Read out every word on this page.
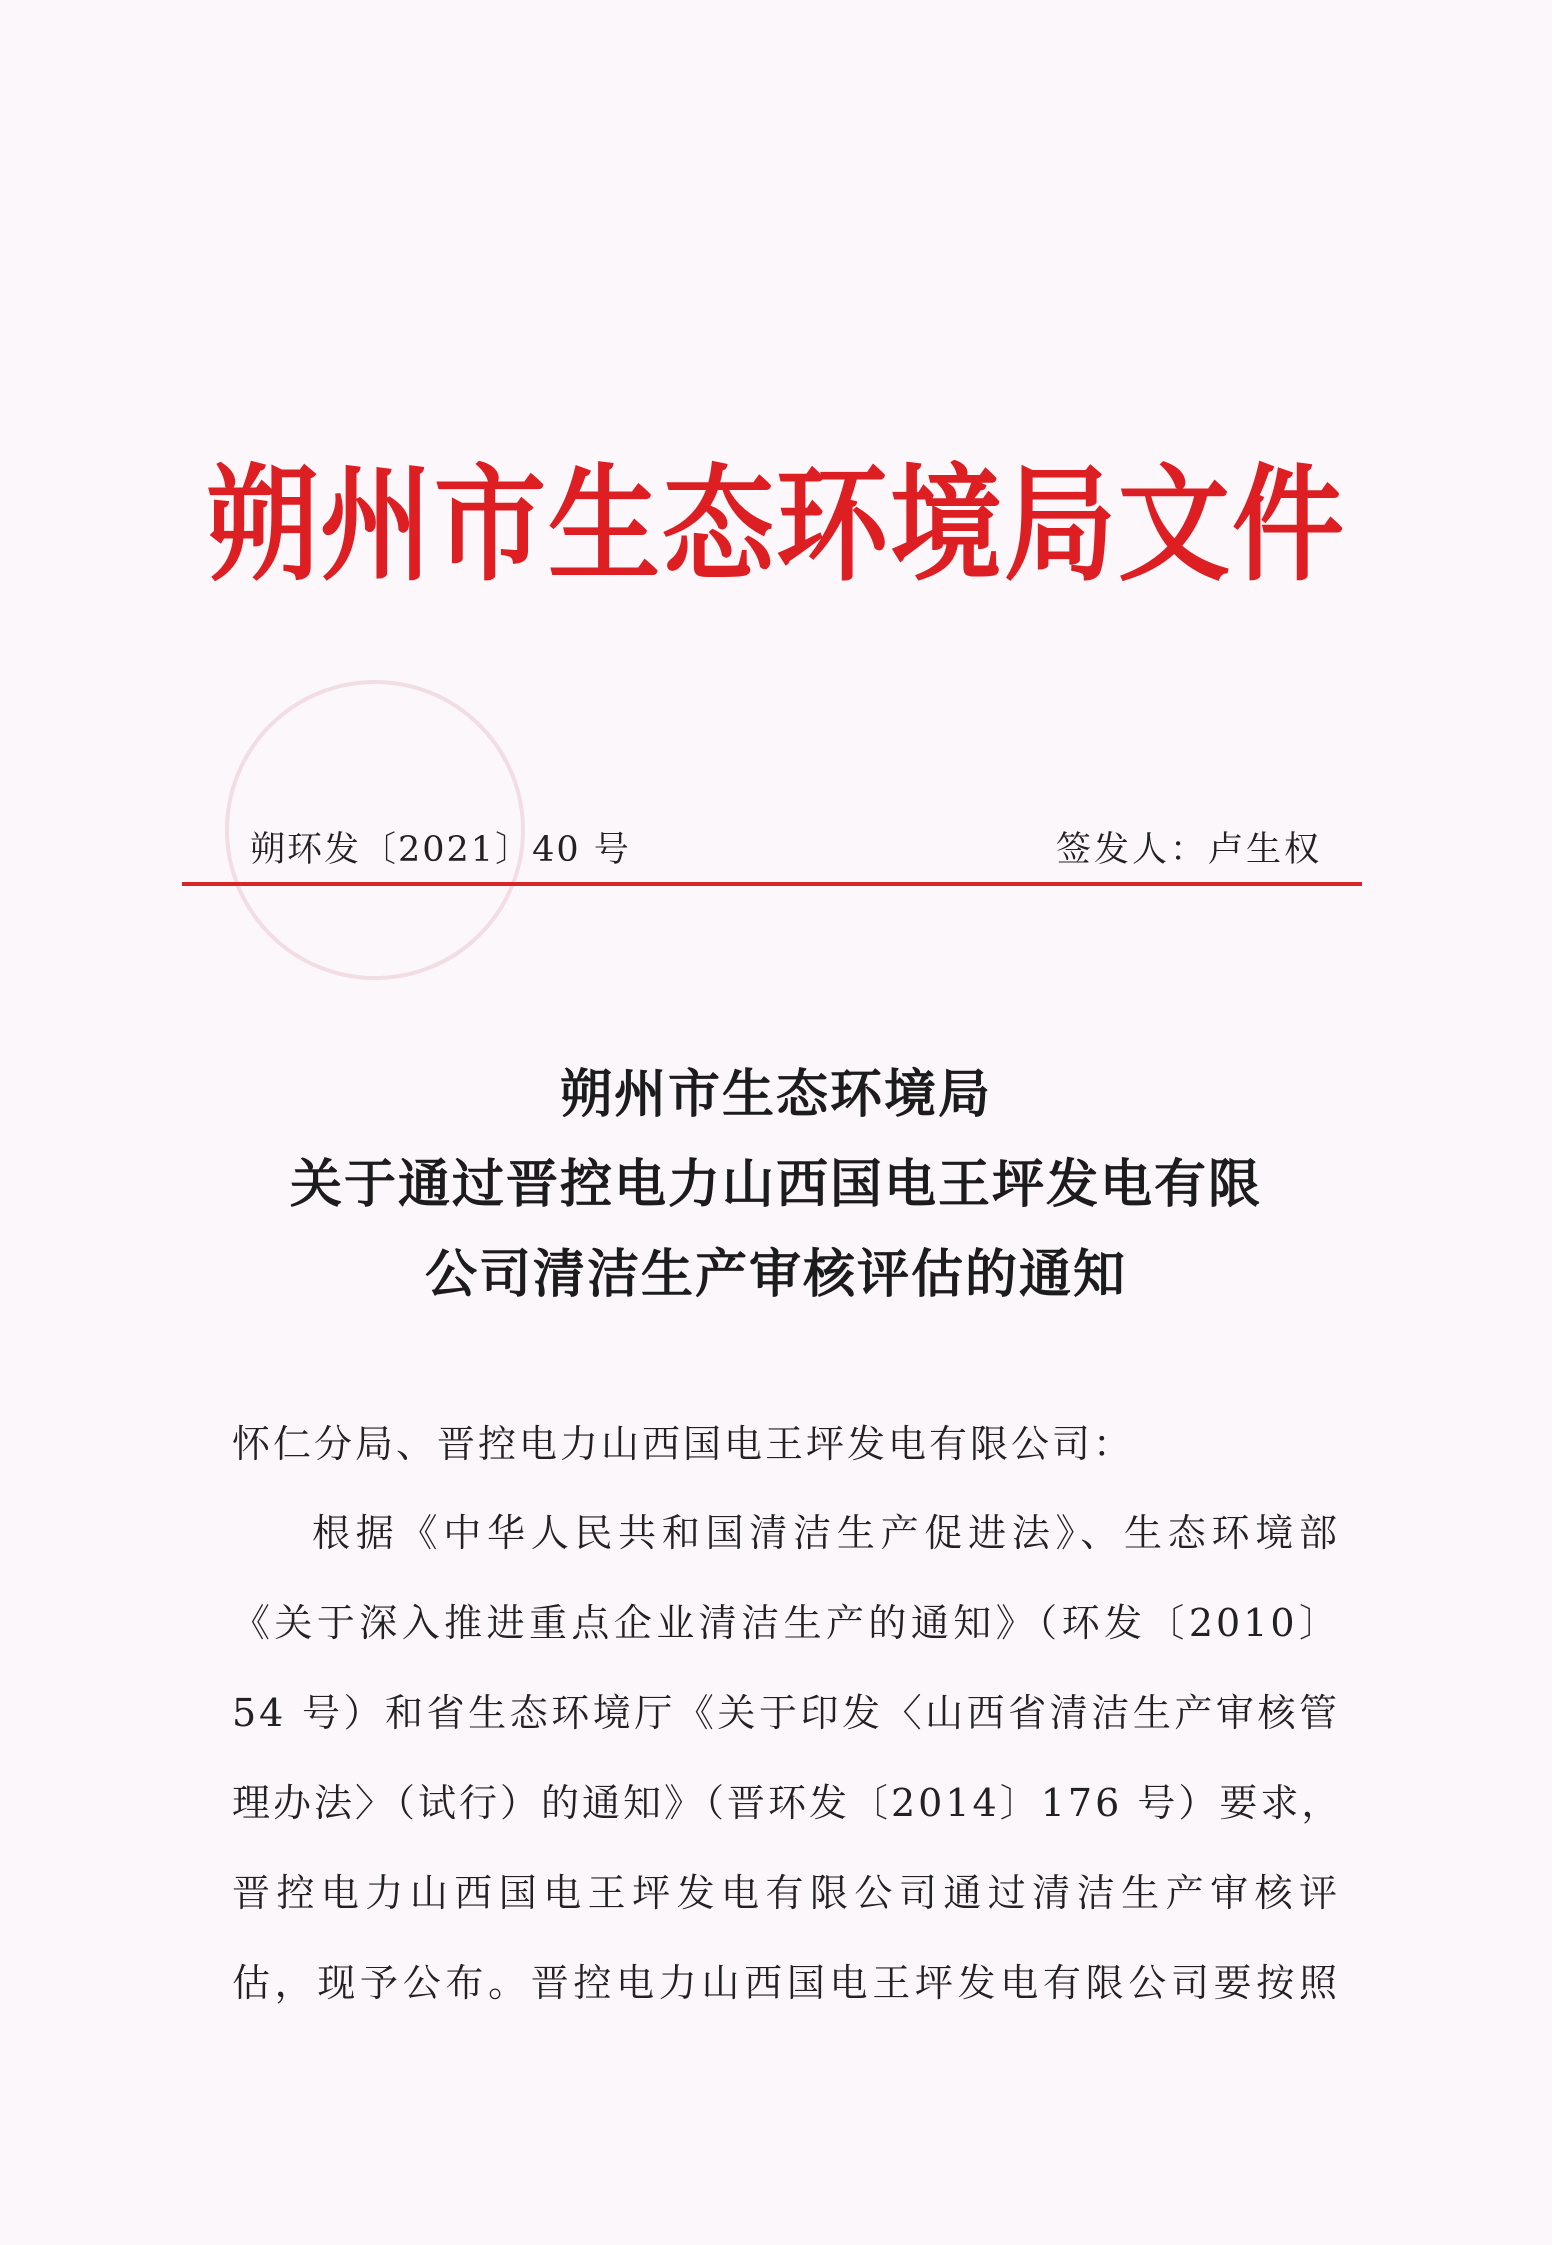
朔州市生态环境局文件
朔环发〔2021〕40 号	签发人：卢生权
朔州市生态环境局
关于通过晋控电力山西国电王坪发电有限
公司清洁生产审核评估的通知
怀仁分局、晋控电力山西国电王坪发电有限公司：
根据《中华人民共和国清洁生产促进法》、生态环境部
《关于深入推进重点企业清洁生产的通知》（环发〔2010〕
54 号）和省生态环境厅《关于印发〈山西省清洁生产审核管
理办法〉（试行）的通知》（晋环发〔2014〕176 号）要求，
晋控电力山西国电王坪发电有限公司通过清洁生产审核评
估，现予公布。晋控电力山西国电王坪发电有限公司要按照
